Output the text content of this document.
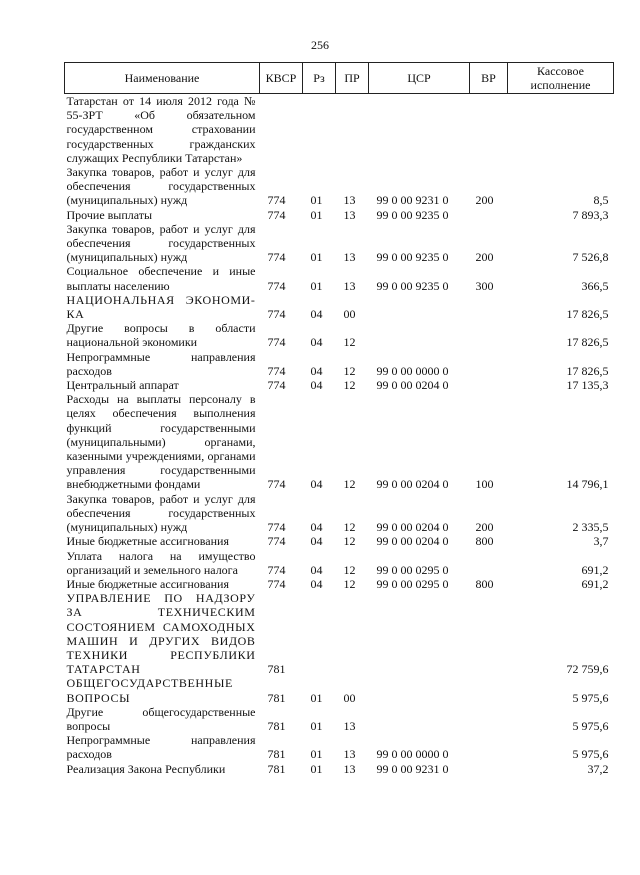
256
Наименование	КВСР	Рз	ПР	ЦСР	ВР	Кассовое исполнение
Татарстан от 14 июля 2012 года № 55-ЗРТ «Об обязательном государственном страховании государственных гражданских служащих Республики Татарстан»						
Закупка товаров, работ и услуг для обеспечения государственных (муниципальных) нужд	774	01	13	99 0 00 9231 0	200	8,5
Прочие выплаты	774	01	13	99 0 00 9235 0		7 893,3
Закупка товаров, работ и услуг для обеспечения государственных (муниципальных) нужд	774	01	13	99 0 00 9235 0	200	7 526,8
Социальное обеспечение и иные выплаты населению	774	01	13	99 0 00 9235 0	300	366,5
НАЦИОНАЛЬНАЯ ЭКОНОМИ-КА	774	04	00			17 826,5
Другие вопросы в области национальной экономики	774	04	12			17 826,5
Непрограммные направления расходов	774	04	12	99 0 00 0000 0		17 826,5
Центральный аппарат	774	04	12	99 0 00 0204 0		17 135,3
Расходы на выплаты персоналу в целях обеспечения выполнения функций государственными (муниципальными) органами, казенными учреждениями, органами управления государственными внебюджетными фондами	774	04	12	99 0 00 0204 0	100	14 796,1
Закупка товаров, работ и услуг для обеспечения государственных (муниципальных) нужд	774	04	12	99 0 00 0204 0	200	2 335,5
Иные бюджетные ассигнования	774	04	12	99 0 00 0204 0	800	3,7
Уплата налога на имущество организаций и земельного налога	774	04	12	99 0 00 0295 0		691,2
Иные бюджетные ассигнования	774	04	12	99 0 00 0295 0	800	691,2
УПРАВЛЕНИЕ ПО НАДЗОРУ ЗА ТЕХНИЧЕСКИМ СОСТОЯНИЕМ САМОХОДНЫХ МАШИН И ДРУГИХ ВИДОВ ТЕХНИКИ РЕСПУБЛИКИ ТАТАРСТАН	781					72 759,6
ОБЩЕГОСУДАРСТВЕННЫЕ ВОПРОСЫ	781	01	00			5 975,6
Другие общегосударственные вопросы	781	01	13			5 975,6
Непрограммные направления расходов	781	01	13	99 0 00 0000 0		5 975,6
Реализация Закона Республики	781	01	13	99 0 00 9231 0		37,2
